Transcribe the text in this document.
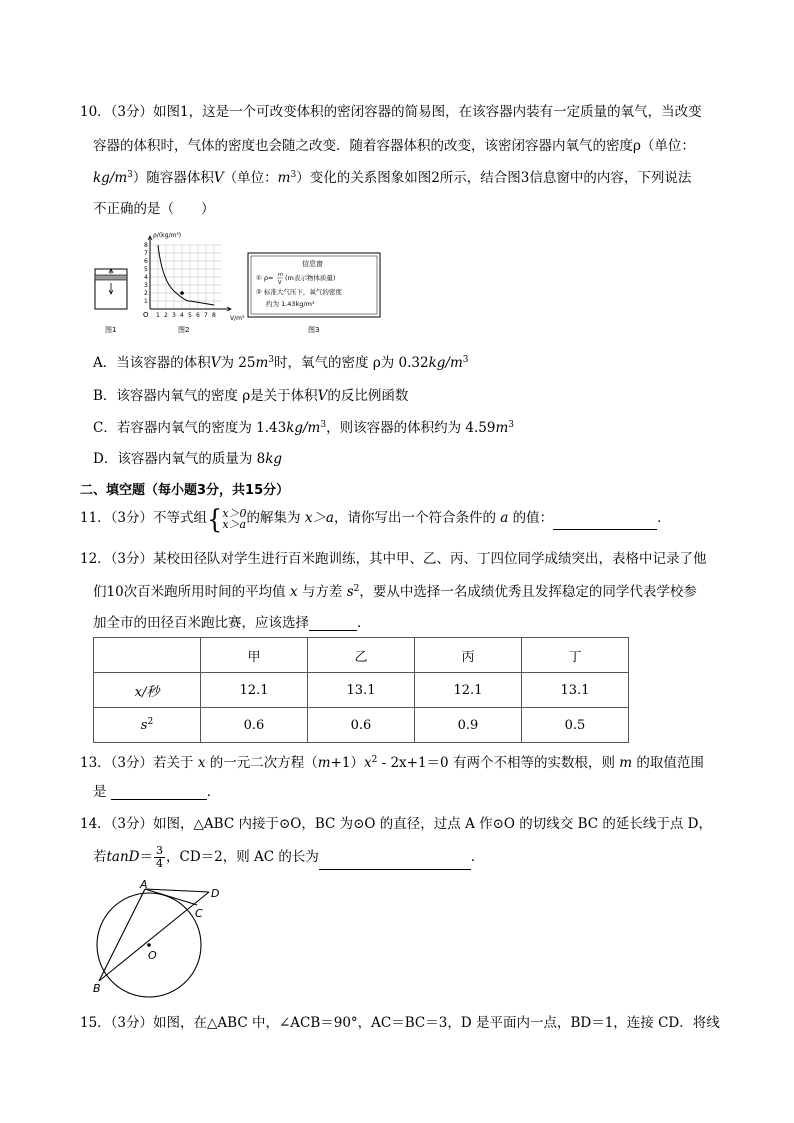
10．（3分）如图1，这是一个可改变体积的密闭容器的简易图，在该容器内装有一定质量的氧气，当改变
容器的体积时，气体的密度也会随之改变．随着容器体积的改变，该密闭容器内氧气的密度ρ（单位：
$kg/m^3$）随容器体积V（单位：$m^3$）变化的关系图象如图2所示，结合图3信息窗中的内容，下列说法
不正确的是（　　）
图1
ρ/(kg/m³)
V/m³
O
8
7
6
5
4
3
2
1
1 2 3 4 5 6 7 8
图2
信息窗
① ρ= m
V
(m表示物体质量)
② 标准大气压下，氧气的密度
约为 1.43kg/m³
图3
A．当该容器的体积V为 $25m^3$时，氧气的密度 ρ为 $0.32kg/m^3$
B．该容器内氧气的密度 ρ是关于体积V的反比例函数
C．若容器内氧气的密度为 $1.43kg/m^3$，则该容器的体积约为 $4.59m^3$
D．该容器内氧气的质量为 8kg
二、填空题（每小题3分，共15分）
11．（3分）不等式组{x＞0
x＞a的解集为 x＞a，请你写出一个符合条件的 a 的值：	．
12．（3分）某校田径队对学生进行百米跑训练，其中甲、乙、丙、丁四位同学成绩突出，表格中记录了他
们10次百米跑所用时间的平均值 x 与方差 $s^2$，要从中选择一名成绩优秀且发挥稳定的同学代表学校参
加全市的田径百米跑比赛，应该选择	．
	甲	乙	丙	丁
x/秒	12.1	13.1	12.1	13.1
$s^2$	0.6	0.6	0.9	0.5
13．（3分）若关于 x 的一元二次方程$(m+1)x^2 - 2x+1=0$ 有两个不相等的实数根，则 m 的取值范围
是	．
14．（3分）如图，△ABC 内接于⊙O，BC 为⊙O 的直径，过点 A 作⊙O 的切线交 BC 的延长线于点 D，
若$\tan D= \frac{3}{4}$ ，CD＝2，则 AC 的长为	．
A
B
C
D
O
15．（3分）如图，在△ABC 中，∠ACB＝90°，AC＝BC＝3，D 是平面内一点，BD＝1，连接 CD．将线
